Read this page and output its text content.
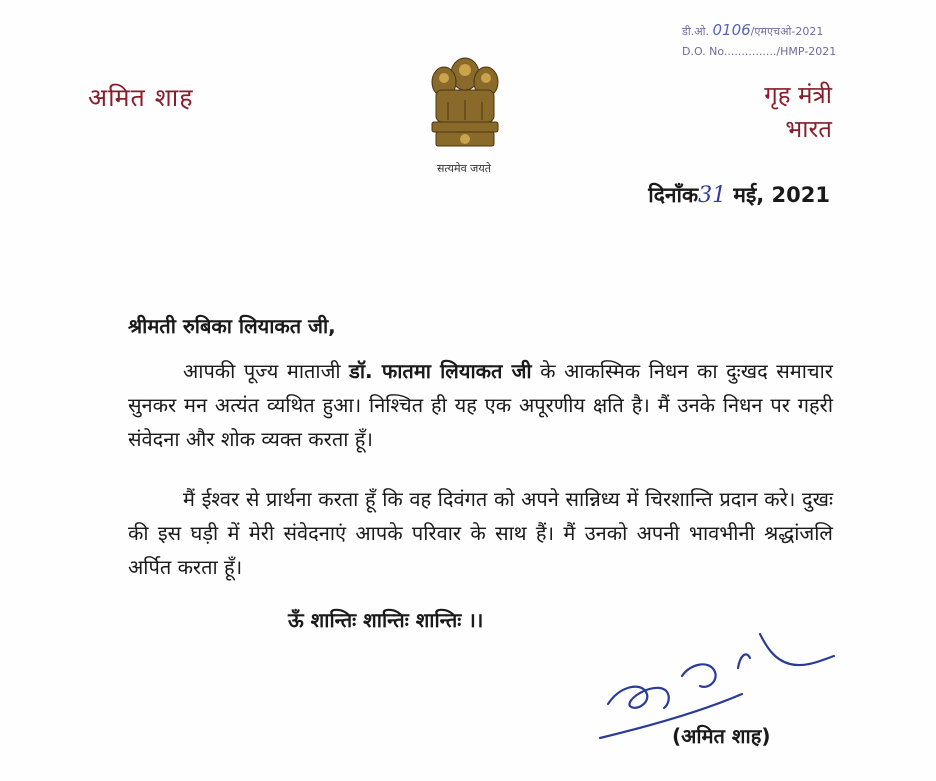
अमित शाह
सत्यमेव जयते
डी.ओ. 0106/एमएचओ-2021
D.O. No.............../HMP-2021
गृह मंत्री
भारत
दिनाँक31 मई, 2021
श्रीमती रुबिका लियाकत जी,
आपकी पूज्य माताजी डॉ. फातमा लियाकत जी के आकस्मिक निधन का दुःखद समाचार सुनकर मन अत्यंत व्यथित हुआ। निश्चित ही यह एक अपूरणीय क्षति है। मैं उनके निधन पर गहरी संवेदना और शोक व्यक्त करता हूँ।
मैं ईश्वर से प्रार्थना करता हूँ कि वह दिवंगत को अपने सान्निध्य में चिरशान्ति प्रदान करे। दुखः की इस घड़ी में मेरी संवेदनाएं आपके परिवार के साथ हैं। मैं उनको अपनी भावभीनी श्रद्धांजलि अर्पित करता हूँ।
ऊँ शान्तिः शान्तिः शान्तिः ।।
(अमित शाह)
